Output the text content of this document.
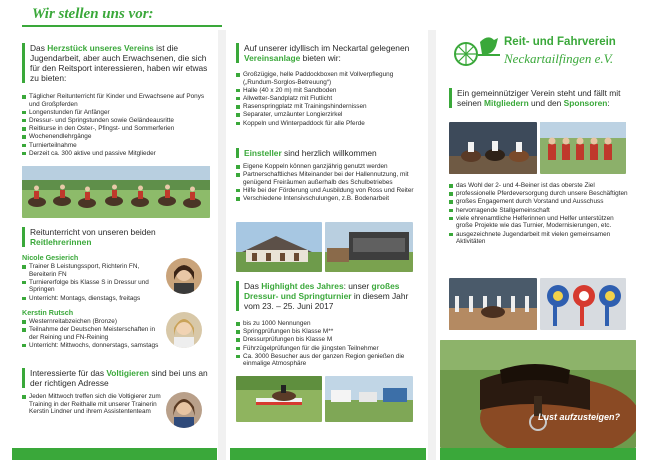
Wir stellen uns vor:
Das Herzstück unseres Vereins ist die Jugendarbeit, aber auch Erwachsenen, die sich für den Reitsport interessieren, haben wir etwas zu bieten:
Täglicher Reitunterricht für Kinder und Erwachsene auf Ponys und Großpferden
Longenstunden für Anfänger
Dressur- und Springstunden sowie Geländeausritte
Reitkurse in den Oster-, Pfingst- und Sommerferien
Wochenendlehrgänge
Turnierteilnahme
Derzeit ca. 300 aktive und passive Mitglieder
Reitunterricht von unseren beiden
Reitlehrerinnen
Nicole Gesierich
Trainer B Leistungssport, Richterin FN, Bereiterin FN
Turniererfolge bis Klasse S in Dressur und Springen
Unterricht: Montags, dienstags, freitags
Kerstin Rutsch
Westernreitabzeichen (Bronze)
Teilnahme der Deutschen Meisterschaften in der Reining und FN-Reining
Unterricht: Mittwochs, donnerstags, samstags
Interessierte für das Voltigieren sind bei uns an der richtigen Adresse
Jeden Mittwoch treffen sich die Voltigierer zum Training in der Reithalle mit unserer Trainerin Kerstin Lindner und ihrem Assistententeam
Auf unserer idyllisch im Neckartal gelegenen Vereinsanlage bieten wir:
Großzügige, helle Paddockboxen mit Vollverpflegung („Rundum-Sorglos-Betreuung“)
Halle (40 x 20 m) mit Sandboden
Allwetter-Sandplatz mit Flutlicht
Rasenspringplatz mit Trainingshindernissen
Separater, umzäunter Longierzirkel
Koppeln und Winterpaddock für alle Pferde
Einsteller sind herzlich willkommen
Eigene Koppeln können ganzjährig genutzt werden
Partnerschaftliches Miteinander bei der Hallennutzung, mit genügend Freiräumen außerhalb des Schulbetriebes
Hilfe bei der Förderung und Ausbildung von Ross und Reiter
Verschiedene Intensivschulungen, z.B. Bodenarbeit
Das Highlight des Jahres: unser großes Dressur- und Springturnier in diesem Jahr vom 23. – 25. Juni 2017
bis zu 1000 Nennungen
Springprüfungen bis Klasse M**
Dressurprüfungen bis Klasse M
Führzügelprüfungen für die jüngsten Teilnehmer
Ca. 3000 Besucher aus der ganzen Region genießen die einmalige Atmosphäre
Reit- und Fahrverein
Neckartailfingen e.V.
Ein gemeinnütziger Verein steht und fällt mit seinen Mitgliedern und den Sponsoren:
das Wohl der 2- und 4-Beiner ist das oberste Ziel
professionelle Pferdeversorgung durch unsere Beschäftigten
großes Engagement durch Vorstand und Ausschuss
hervorragende Stallgemeinschaft
viele ehrenamtliche Helferinnen und Helfer unterstützen große Projekte wie das Turnier, Modernisierungen, etc.
ausgezeichnete Jugendarbeit mit vielen gemeinsamen Aktivitäten
Lust aufzusteigen?
